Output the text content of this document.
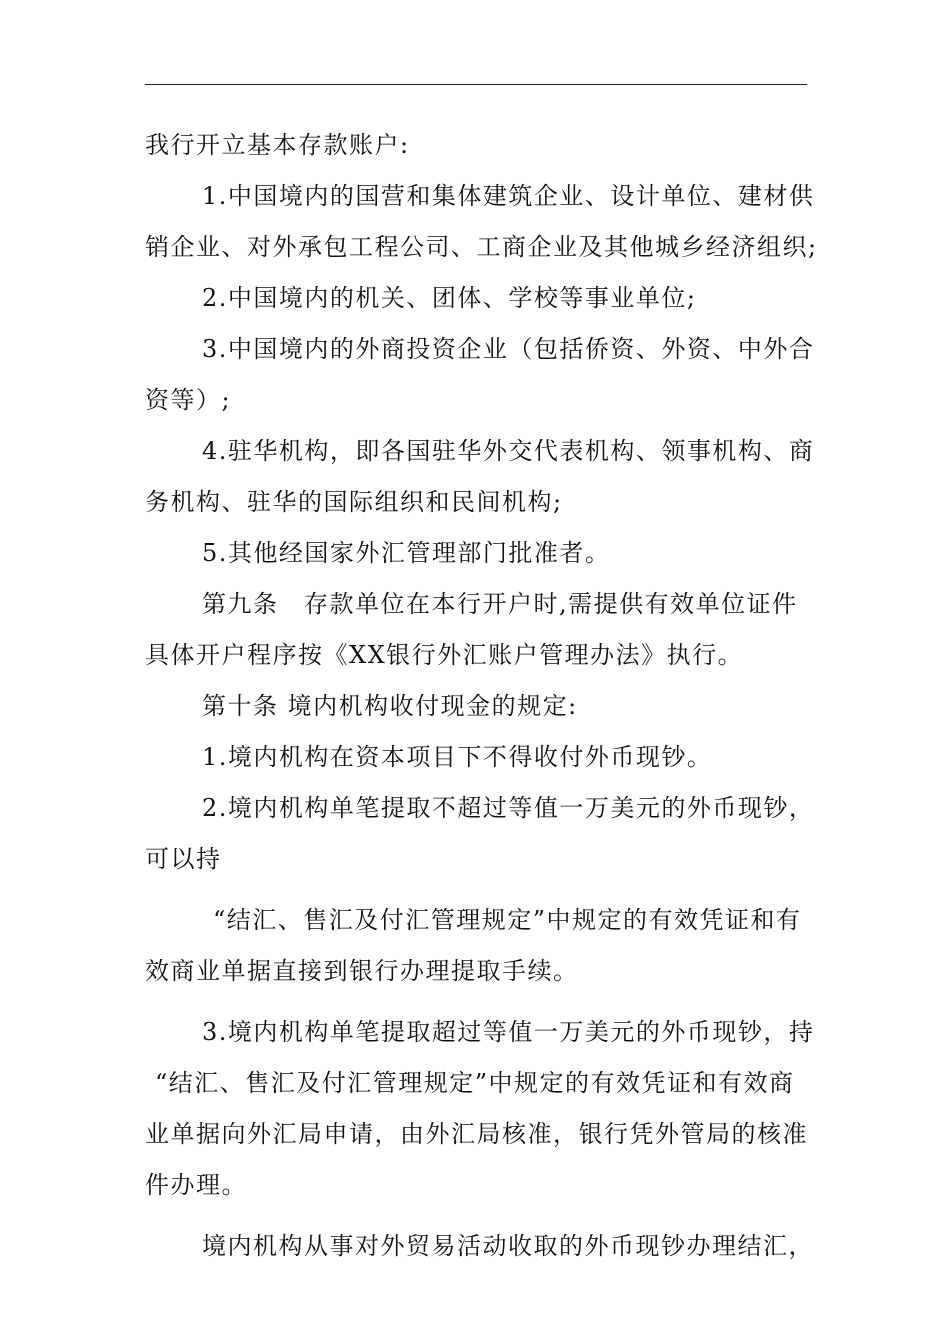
我行开立基本存款账户:
1.中国境内的国营和集体建筑企业、设计单位、建材供
销企业、对外承包工程公司、工商企业及其他城乡经济组织;
2.中国境内的机关、团体、学校等事业单位;
3.中国境内的外商投资企业（包括侨资、外资、中外合
资等）;
4.驻华机构，即各国驻华外交代表机构、领事机构、商
务机构、驻华的国际组织和民间机构;
5.其他经国家外汇管理部门批准者。
第九条　存款单位在本行开户时,需提供有效单位证件
具体开户程序按《XX银行外汇账户管理办法》执行。
第十条 境内机构收付现金的规定:
1.境内机构在资本项目下不得收付外币现钞。
2.境内机构单笔提取不超过等值一万美元的外币现钞，
可以持
“结汇、售汇及付汇管理规定”中规定的有效凭证和有
效商业单据直接到银行办理提取手续。
3.境内机构单笔提取超过等值一万美元的外币现钞，持
“结汇、售汇及付汇管理规定”中规定的有效凭证和有效商
业单据向外汇局申请，由外汇局核准，银行凭外管局的核准
件办理。
境内机构从事对外贸易活动收取的外币现钞办理结汇，
